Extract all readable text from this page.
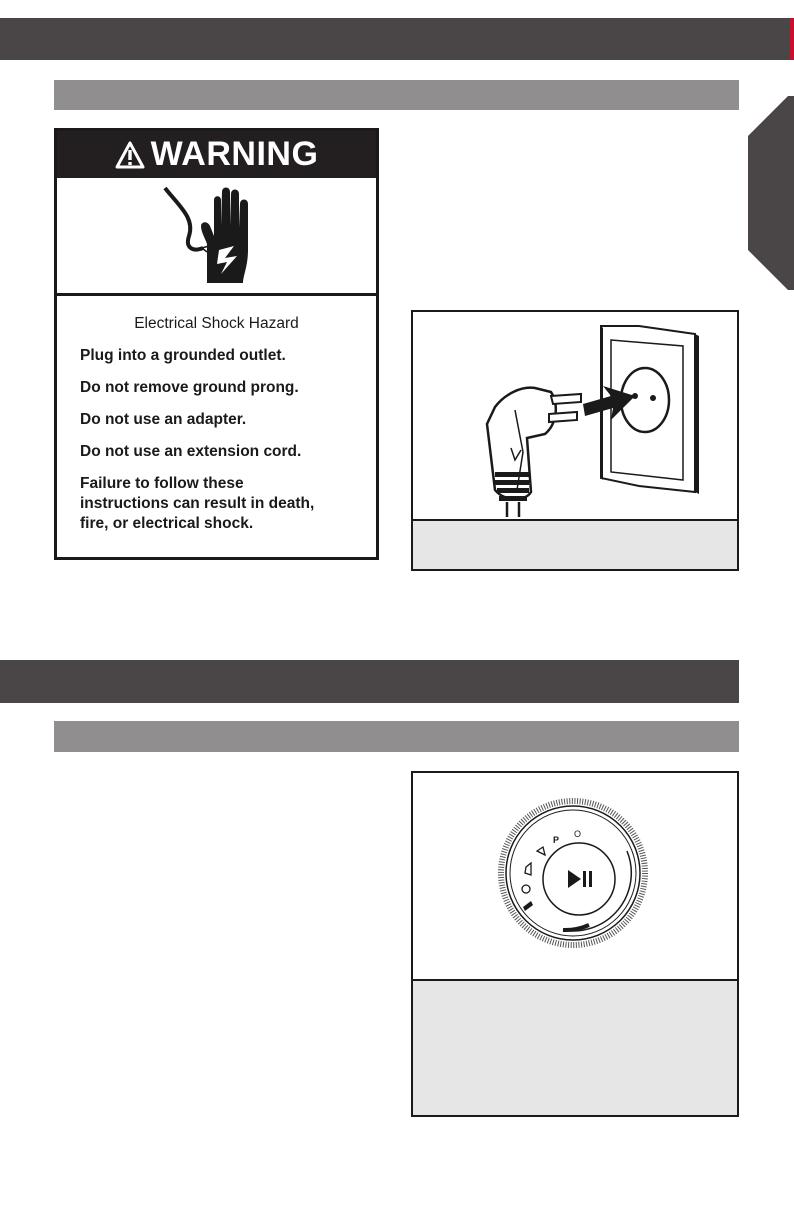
WARNING
Electrical Shock Hazard
Plug into a grounded outlet.
Do not remove ground prong.
Do not use an adapter.
Do not use an extension cord.
Failure to follow these
instructions can result in death,
fire, or electrical shock.
P
O
